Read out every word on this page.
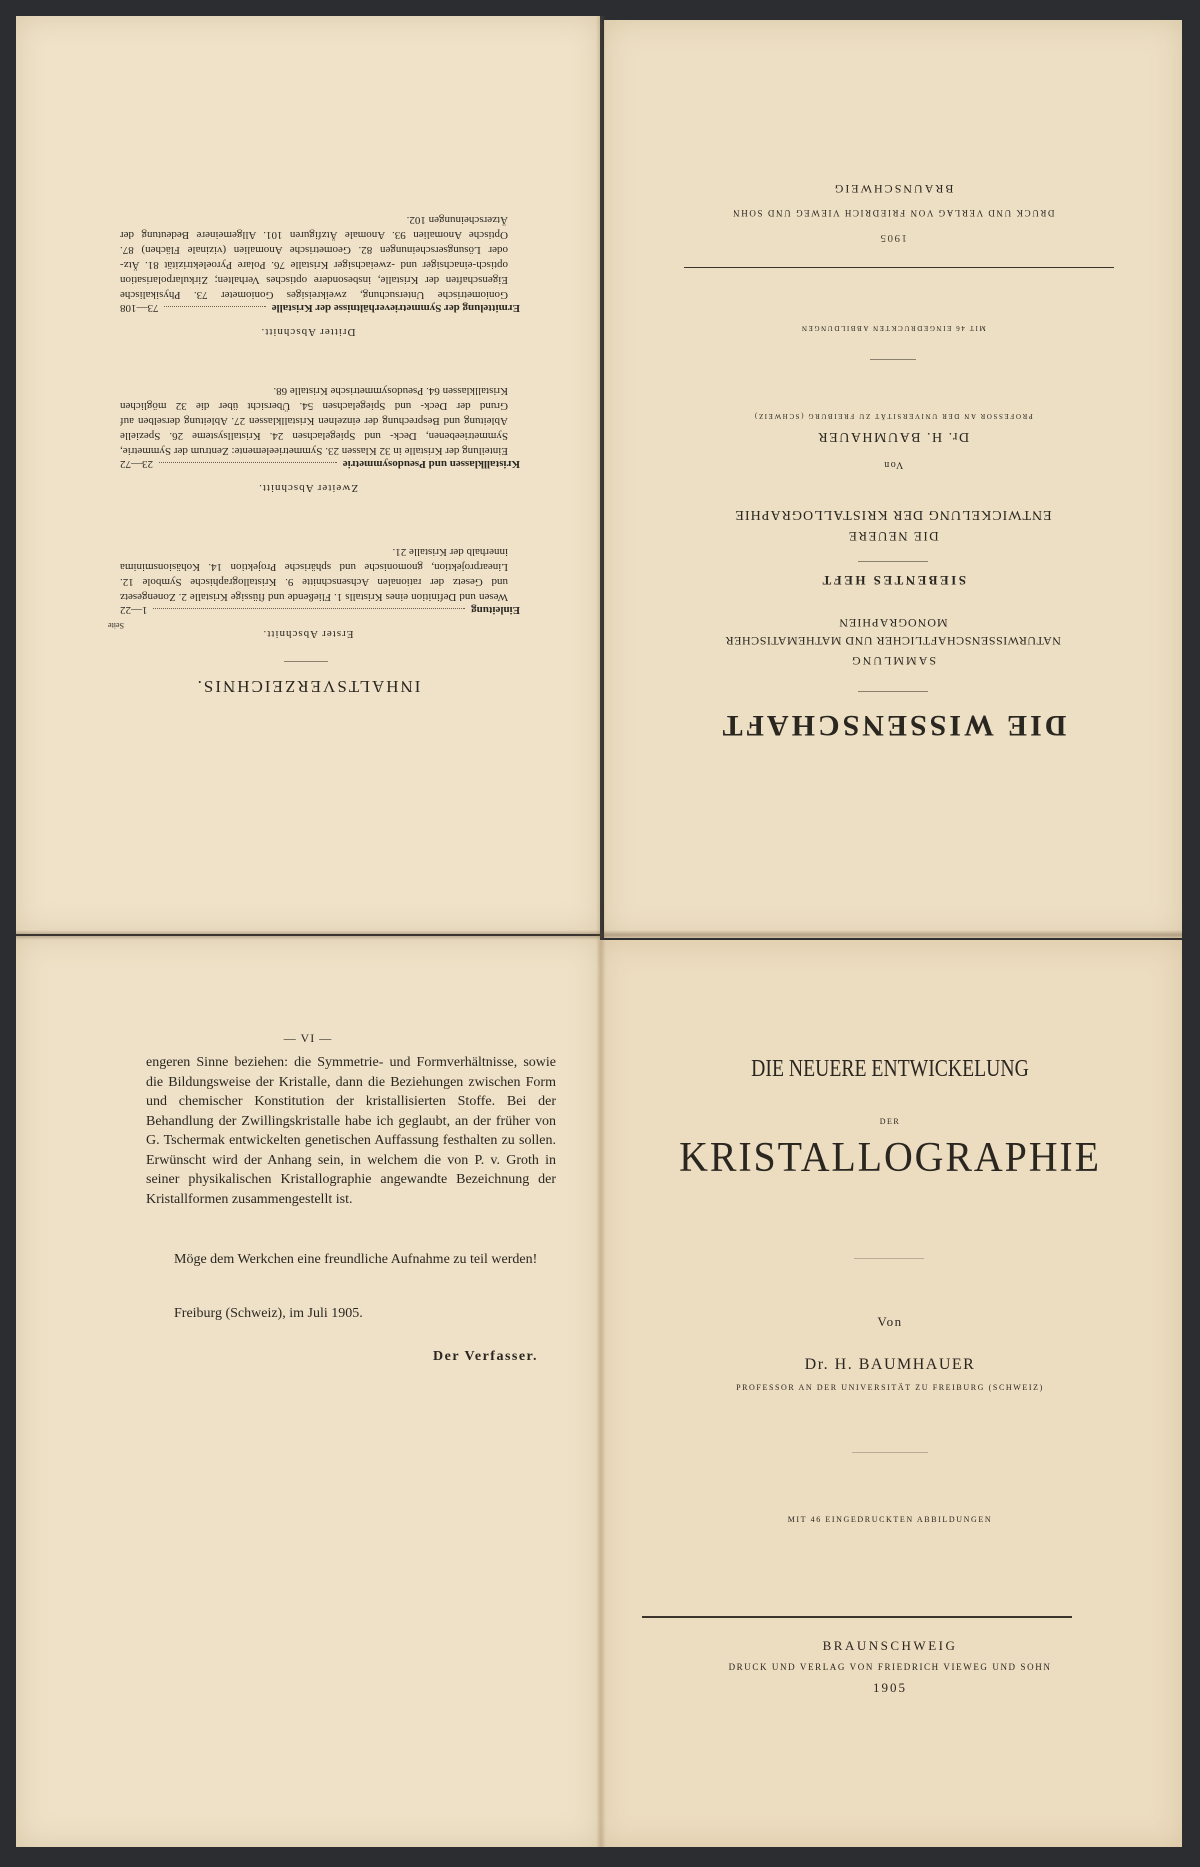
INHALTSVERZEICHNIS.
Erster Abschnitt.
Einleitung
1—22
Wesen und Definition eines Kristalls 1. Fließende und flüssige Kristalle 2. Zonengesetz und Gesetz der rationalen Achsenschnitte 9. Kristallographische Symbole 12. Linearprojektion, gnomonische und sphärische Projektion 14. Kohäsionsminima innerhalb der Kristalle 21.
Seite
Zweiter Abschnitt.
Kristallklassen und Pseudosymmetrie
23—72
Einteilung der Kristalle in 32 Klassen 23. Symmetrieelemente: Zentrum der Symmetrie, Symmetrieebenen, Deck- und Spiegelachsen 24. Kristallsysteme 26. Spezielle Ableitung und Besprechung der einzelnen Kristallklassen 27. Ableitung derselben auf Grund der Deck- und Spiegelachsen 54. Übersicht über die 32 möglichen Kristallklassen 64. Pseudosymmetrische Kristalle 68.
Dritter Abschnitt.
Ermittelung der Symmetrieverhältnisse der Kristalle
73—108
Goniometrische Untersuchung, zweikreisiges Goniometer 73. Physikalische Eigenschaften der Kristalle, insbesondere optisches Verhalten; Zirkularpolarisation optisch-einachsiger und -zweiachsiger Kristalle 76. Polare Pyroelektrizität 81. Ätz- oder Lösungserscheinungen 82. Geometrische Anomalien (vizinale Flächen) 87. Optische Anomalien 93. Anomale Ätzfiguren 101. Allgemeinere Bedeutung der Ätzerscheinungen 102.
1905
DRUCK UND VERLAG VON FRIEDRICH VIEWEG UND SOHN
BRAUNSCHWEIG
MIT 46 EINGEDRUCKTEN ABBILDUNGEN
PROFESSOR AN DER UNIVERSITÄT ZU FREIBURG (SCHWEIZ)
Dr. H. BAUMHAUER
Von
ENTWICKELUNG DER KRISTALLOGRAPHIE
DIE NEUERE
SIEBENTES HEFT
MONOGRAPHIEN
NATURWISSENSCHAFTLICHER UND MATHEMATISCHER
SAMMLUNG
DIE WISSENSCHAFT
— VI —
engeren Sinne beziehen: die Symmetrie- und Formverhältnisse, sowie die Bildungsweise der Kristalle, dann die Beziehungen zwischen Form und chemischer Konstitution der kristallisierten Stoffe. Bei der Behandlung der Zwillingskristalle habe ich geglaubt, an der früher von G. Tschermak entwickelten genetischen Auffassung festhalten zu sollen. Erwünscht wird der Anhang sein, in welchem die von P. v. Groth in seiner physikalischen Kristallographie angewandte Bezeichnung der Kristallformen zusammengestellt ist.
Möge dem Werkchen eine freundliche Aufnahme zu teil werden!
Freiburg (Schweiz), im Juli 1905.
Der Verfasser.
DIE NEUERE ENTWICKELUNG
DER
KRISTALLOGRAPHIE
Von
Dr. H. BAUMHAUER
PROFESSOR AN DER UNIVERSITÄT ZU FREIBURG (SCHWEIZ)
MIT 46 EINGEDRUCKTEN ABBILDUNGEN
BRAUNSCHWEIG
DRUCK UND VERLAG VON FRIEDRICH VIEWEG UND SOHN
1905
